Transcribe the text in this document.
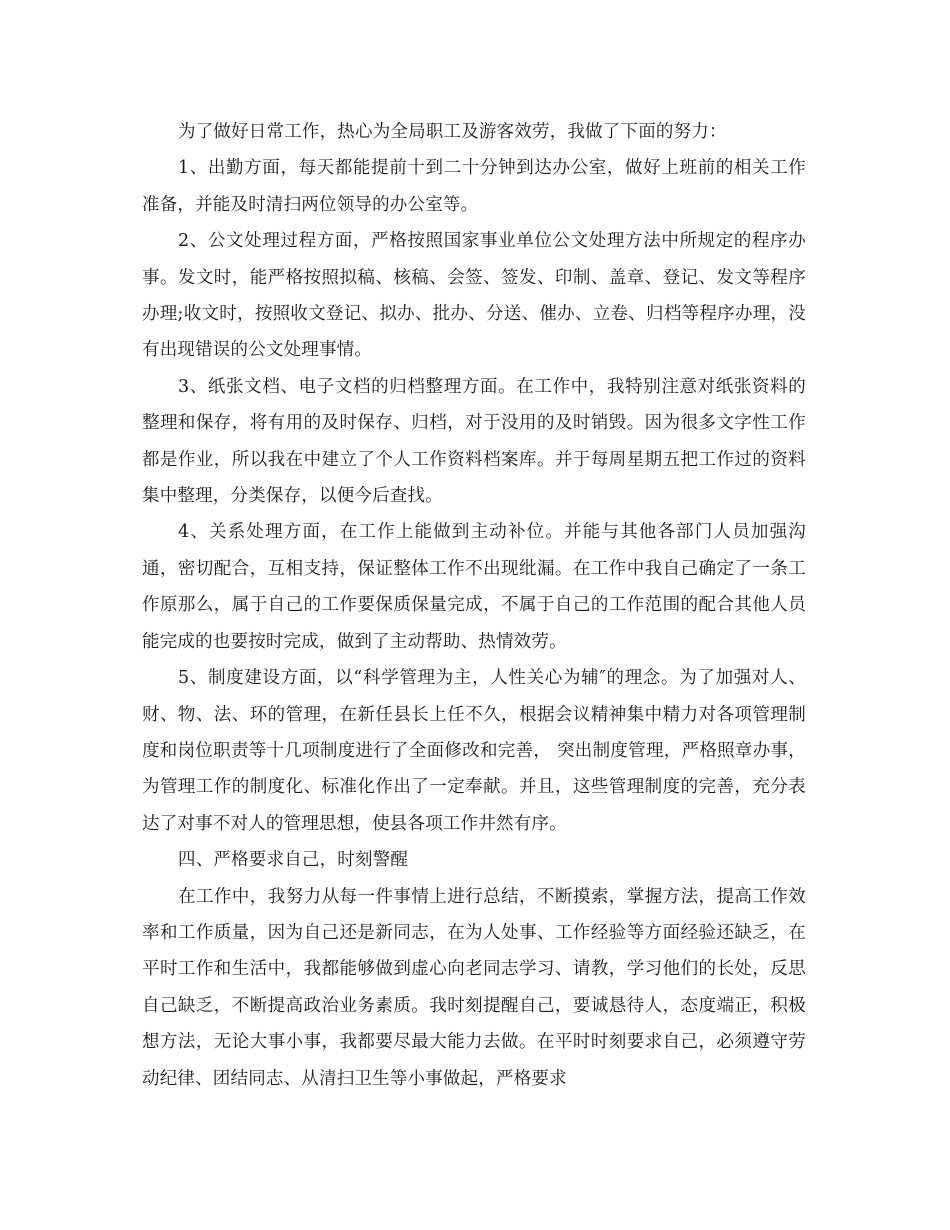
为了做好日常工作，热心为全局职工及游客效劳，我做了下面的努力：

1、出勤方面，每天都能提前十到二十分钟到达办公室，做好上班前的相关工作准备，并能及时清扫两位领导的办公室等。

2、公文处理过程方面，严格按照国家事业单位公文处理方法中所规定的程序办事。发文时，能严格按照拟稿、核稿、会签、签发、印制、盖章、登记、发文等程序办理;收文时，按照收文登记、拟办、批办、分送、催办、立卷、归档等程序办理，没有出现错误的公文处理事情。

3、纸张文档、电子文档的归档整理方面。在工作中，我特别注意对纸张资料的整理和保存，将有用的及时保存、归档，对于没用的及时销毁。因为很多文字性工作都是作业，所以我在中建立了个人工作资料档案库。并于每周星期五把工作过的资料集中整理，分类保存，以便今后查找。

4、关系处理方面，在工作上能做到主动补位。并能与其他各部门人员加强沟通，密切配合，互相支持，保证整体工作不出现纰漏。在工作中我自己确定了一条工作原那么，属于自己的工作要保质保量完成，不属于自己的工作范围的配合其他人员能完成的也要按时完成，做到了主动帮助、热情效劳。

5、制度建设方面，以“科学管理为主，人性关心为辅″的理念。为了加强对人、财、物、法、环的管理，在新任县长上任不久，根据会议精神集中精力对各项管理制度和岗位职责等十几项制度进行了全面修改和完善， 突出制度管理，严格照章办事，为管理工作的制度化、标准化作出了一定奉献。并且，这些管理制度的完善，充分表达了对事不对人的管理思想，使县各项工作井然有序。

四、严格要求自己，时刻警醒

在工作中，我努力从每一件事情上进行总结，不断摸索，掌握方法，提高工作效率和工作质量，因为自己还是新同志，在为人处事、工作经验等方面经验还缺乏，在平时工作和生活中，我都能够做到虚心向老同志学习、请教，学习他们的长处，反思自己缺乏，不断提高政治业务素质。我时刻提醒自己，要诚恳待人，态度端正，积极想方法，无论大事小事，我都要尽最大能力去做。在平时时刻要求自己，必须遵守劳动纪律、团结同志、从清扫卫生等小事做起，严格要求
